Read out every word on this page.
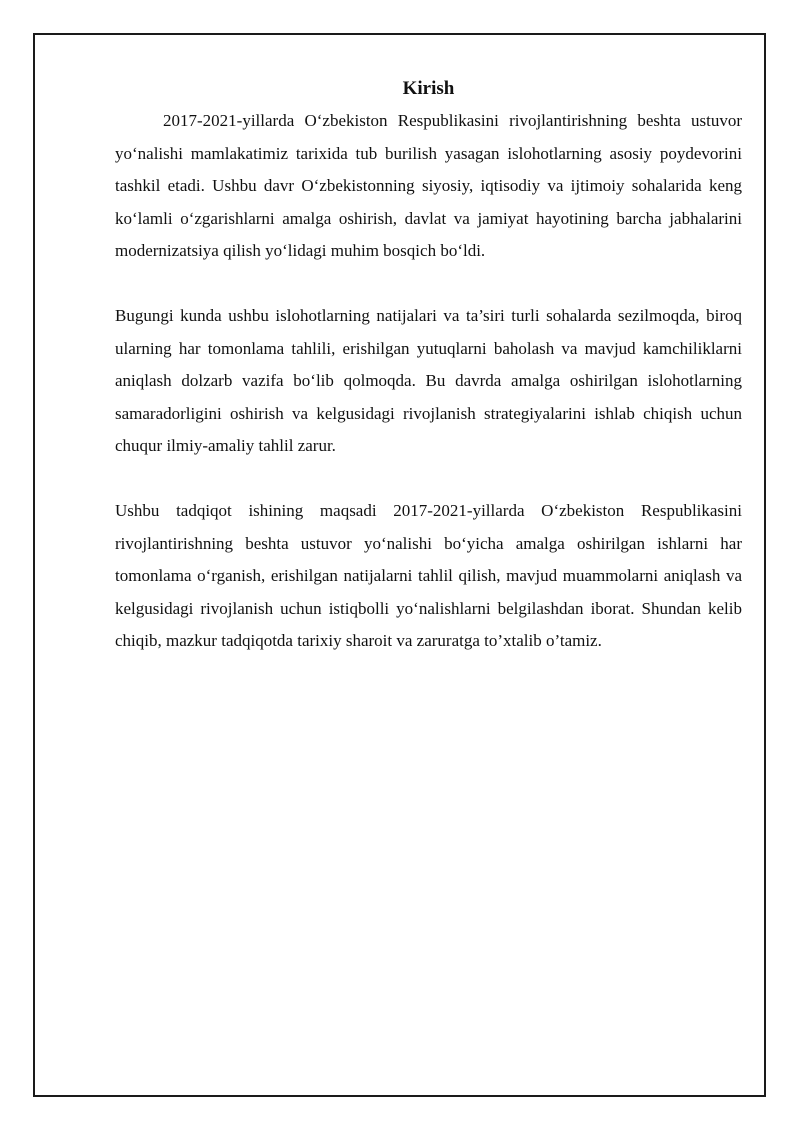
Kirish

2017-2021-yillarda O‘zbekiston Respublikasini rivojlantirishning beshta ustuvor yo‘nalishi mamlakatimiz tarixida tub burilish yasagan islohotlarning asosiy poydevorini tashkil etadi. Ushbu davr O‘zbekistonning siyosiy, iqtisodiy va ijtimoiy sohalarida keng ko‘lamli o‘zgarishlarni amalga oshirish, davlat va jamiyat hayotining barcha jabhalarini modernizatsiya qilish yo‘lidagi muhim bosqich bo‘ldi.

Bugungi kunda ushbu islohotlarning natijalari va ta’siri turli sohalarda sezilmoqda, biroq ularning har tomonlama tahlili, erishilgan yutuqlarni baholash va mavjud kamchiliklarni aniqlash dolzarb vazifa bo‘lib qolmoqda. Bu davrda amalga oshirilgan islohotlarning samaradorligini oshirish va kelgusidagi rivojlanish strategiyalarini ishlab chiqish uchun chuqur ilmiy-amaliy tahlil zarur.

Ushbu tadqiqot ishining maqsadi 2017-2021-yillarda O‘zbekiston Respublikasini rivojlantirishning beshta ustuvor yo‘nalishi bo‘yicha amalga oshirilgan ishlarni har tomonlama o‘rganish, erishilgan natijalarni tahlil qilish, mavjud muammolarni aniqlash va kelgusidagi rivojlanish uchun istiqbolli yo‘nalishlarni belgilashdan iborat. Shundan kelib chiqib, mazkur tadqiqotda tarixiy sharoit va zaruratga to’xtalib o’tamiz.
